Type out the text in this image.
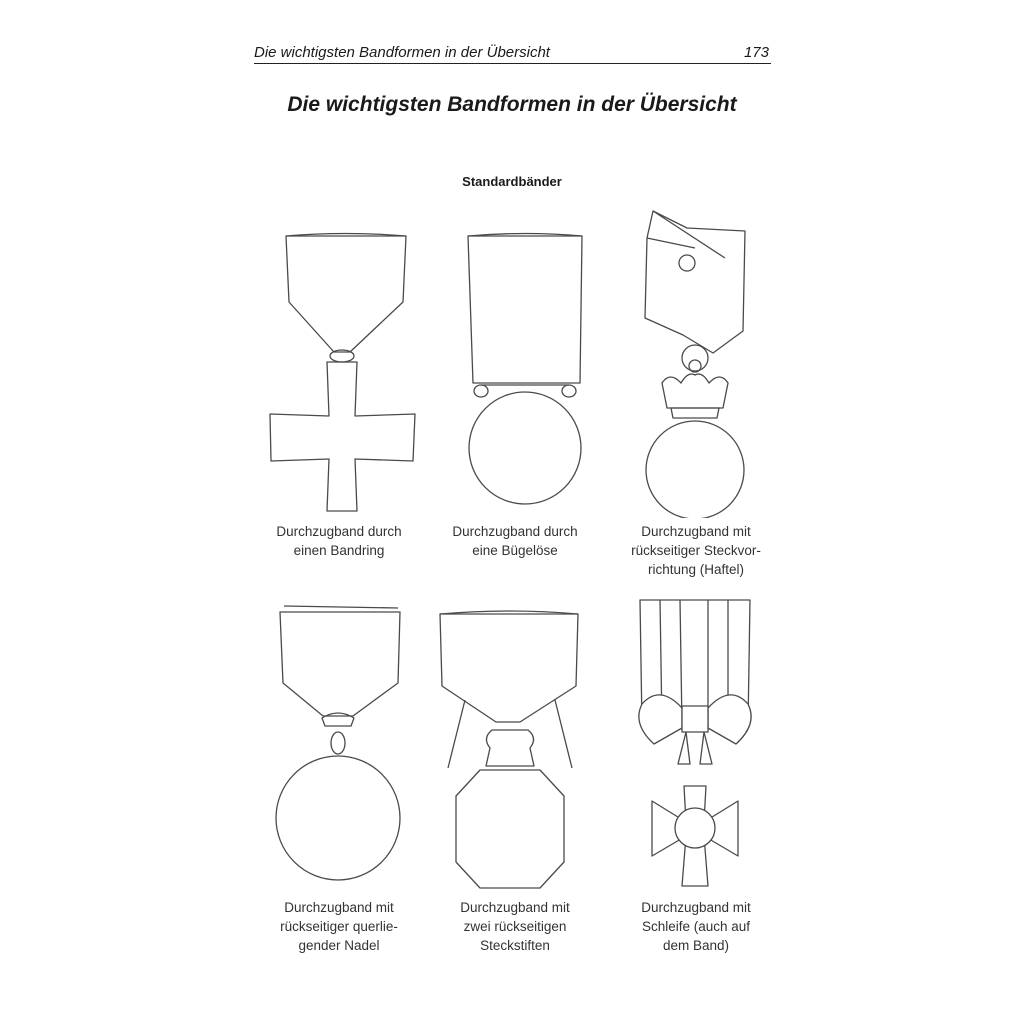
Die wichtigsten Bandformen in der Übersicht	173
Die wichtigsten Bandformen in der Übersicht
Standardbänder
Durchzugband durch
einen Bandring
Durchzugband durch
eine Bügelöse
Durchzugband mit
rückseitiger Steckvor-
richtung (Haftel)
Durchzugband mit
rückseitiger querlie-
gender Nadel
Durchzugband mit
zwei rückseitigen
Steckstiften
Durchzugband mit
Schleife (auch auf
dem Band)
